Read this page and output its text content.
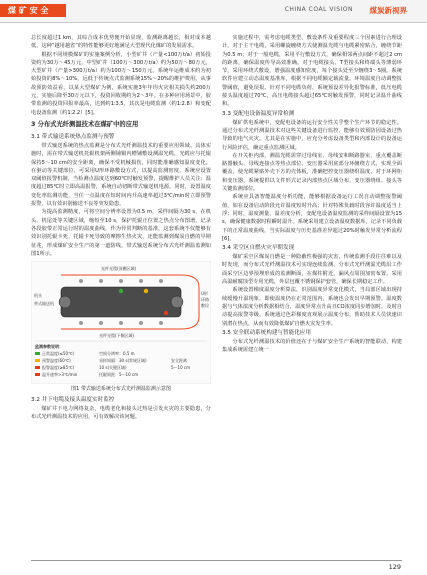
煤 矿 安 全	CHINA COAL VISION 煤炭新视界

总长度超过1 km，其综合成本优势便开始显现，监测距离越长，相对成本越低，这种“越用越省”的特性能够更好地满足大型现代化煤矿的发展需求。

根据不同规模煤矿的实施案例分析，小型矿井（产量<100万t/a）初始投资约为30万～45万元，中型矿井（100万～300万t/a）约为50万～80万元，大型矿井（产量>300万t/a）约为100万～150万元。系统年运维成本约为初始投资的8%～10%，远低于传统点式监测系统15%～20%的维护费用。从事故预防效益看，以某大型煤矿为例，系统实施3年年均火灾相关损失约200万元，实施后降至30万元以下，投资回收期约为2～3年。在多种应用场景中，胶带监测的投资回报率最高，达到约1∶3.5，其次是电缆监测（约1∶2.8）和变配电设备监测（约1∶2.2）[5]。

3 分布式光纤测温技术在煤矿中的应用
3.1 带式输送系统热点监测与预警

带式输送系统的热点监测是分布式光纤测温技术的重要应用领域。具体实施时，需在带式输送机托辊机架两侧铺铜内槽铺敷设测温光缆，光缆应与托辊保持5～10 cm的安全距离，确保不受机械损伤，同时能准确感知温度变化。在驱动等关键部位，可采用U形环路敷设方式，以提高监测密度。系统应设置双阈值报警机制，当检测点温度达到60℃时触发预警，提醒维护人员关注；温度超过85℃时立即高温报警，系统自动切断带式输送机电源。同时，设置温度变化率监测功能，当任一点温度在短时间内升高速率超过3℃/min时立即预警报警，以有效识别输送不良等突发隐患。

为提高监测精度，可将空间分辨率设置为0.5 m，采样间隔为30 s，在机头、机尾处等关键区域，缩短至10 s，保护托辊正位置之热点分布图谱，记录各段胶带正常运行时的温度曲线，作为异常判断的基准。这套系统不仅能够有效识别托辊卡死、托辊卡死导致的摩擦生热火灾，还能监测到煤炭自燃的早期征兆，形成煤矿安全生产的第一道防线。带式输送系统分布式光纤测温监测如图1所示。

光纤光缆(顶棚区域)
机头
带式输送机
U形
环路
敷设
光纤光缆(下侧区域)
监测参数说明：
正常温度(≤50℃)
预警温度(60℃)
报警温度(≥85℃)
温升速率>3℃/min
空间分辨率：0.5 m
采样间隔：30 s(常规区域)
10 s(关键区域)
托辊间距：5～10 cm
安全距离
5～10 cm
图1 带式输送系统分布式光纤测温监测示意图
3.2 井下电缆及接头温度实时监控

煤矿井下电力网络复杂，电缆老化和接头过热是引发火灾的主要隐患，分布式光纤测温技术的应用，可有效解决该问题。

实施过程中，需考虑电缆类型，敷设条件及重要程度三个因素进行合理设计。对于主干电缆，采用螺旋缠绕方式使测温光缆与电缆紧密贴合，缠绕节距为0.5 m；对于一般电缆，采用平行敷设方式，确保相邻两点间距不超过2 cm的距离，确保温度传导高效准确。对于电缆接头、T型接头和终端头等薄弱环节，采用环绕式敷设，增强温度感知密度，每个接头处至少缠绕3～5圈。系统软件应建立动态温度基准库，根据不同电缆额定载流量，环境温度自动调整报警阈值，避免误报。针对不同电缆负荷，系统预设差异化报警标准，低压电缆接头温度超过70℃，高压电缆接头超过65℃时触发预警，同时记录温升曲线和。

3.3 变配电设备温度异常检测

煤矿供电系统中，变配电设备的运行安全性关乎整个生产环节的稳定性。通过分布式光纤测温技术对这些关键设备进行监控，能够有效预防因设备过热导致的电气火灾。尤其是在实施中，应充分考虑设备类型和内部设计的设备运行风险评估，确定重点监测区域。

在开关柜内部，测温光缆需穿过母线室、母线安和断路器室，重点覆盖断路器触头、母线连接点等热点部位。变压器采用底部分环缠绕方式，实现全面覆盖，使光缆紧贴外壳下方的壳体板，准确把控变压器绕组温度，对于环网柜和变压器，系统提供以文件形式记录内部热点区域分布，变压器绕组、接头等关键监测部位。

系统应具备智能温度分析功能，能够根据设备运行工况自动调整报警阈值，如在设备启动阶段允许温度短时升高；针对特殊负载时段容许温度适当上浮；同时，温度测量，温差度分析，变配电设备温度监测的采样间隔设置为15 s，确保健康数据时程瞬时温升。系统采用建立设备温度数据库，记录不同负载下的正常温度曲线，当实际温度与历史基准差异超过20%时触发异常分析流程[6]。

3.4 采空区自燃火灾早期发现

煤矿采空区煤炭自燃是一种隐蔽性极强的灾害，传统监测手段往往难以及时发现，而分布式光纤测温技术可实现连续监测，分布式光纤测温光缆沿工作面采空区边界预埋形成的监测断面，在煤柱附近，漏风点周围加密布置，采用高温耐腐蚀型专用光缆，外层包覆不锈钢保护套管，确保长期稳定工作。

系统设置梯度温度分析算法，识别温度异常变化模式，当局部区域出现持续缓慢升温现象，即使温度仍在正常范围内，系统也会发出早期预警。温度数据与气体浓度分析数据相结合，温度异常点升高且CO浓度同步增加时，及时自动提高报警等级，系统通过色彩梯度直观展示温度分布，帮助技术人员快速识别潜在热点，从而有效降低煤矿自燃火灾发生率。

3.5 安全联动系统构建与智能化应用

分布式光纤测温技术的价值还在于与煤矿安全生产系统的智能联动，构建集成系统需建立统一

129
